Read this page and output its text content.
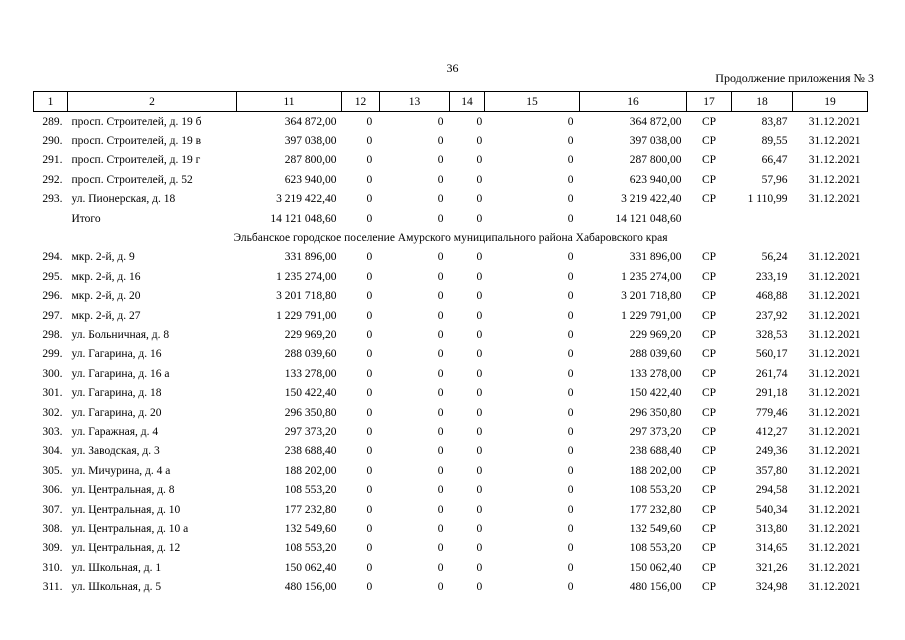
36
Продолжение приложения № 3
1	2	11	12	13	14	15	16	17	18	19
289.	просп. Строителей, д. 19 б	364 872,00	0	0	0	0	364 872,00	СР	83,87	31.12.2021
290.	просп. Строителей, д. 19 в	397 038,00	0	0	0	0	397 038,00	СР	89,55	31.12.2021
291.	просп. Строителей, д. 19 г	287 800,00	0	0	0	0	287 800,00	СР	66,47	31.12.2021
292.	просп. Строителей, д. 52	623 940,00	0	0	0	0	623 940,00	СР	57,96	31.12.2021
293.	ул. Пионерская, д. 18	3 219 422,40	0	0	0	0	3 219 422,40	СР	1 110,99	31.12.2021
	Итого	14 121 048,60	0	0	0	0	14 121 048,60			
Эльбанское городское поселение Амурского муниципального района Хабаровского края										
294.	мкр. 2-й, д. 9	331 896,00	0	0	0	0	331 896,00	СР	56,24	31.12.2021
295.	мкр. 2-й, д. 16	1 235 274,00	0	0	0	0	1 235 274,00	СР	233,19	31.12.2021
296.	мкр. 2-й, д. 20	3 201 718,80	0	0	0	0	3 201 718,80	СР	468,88	31.12.2021
297.	мкр. 2-й, д. 27	1 229 791,00	0	0	0	0	1 229 791,00	СР	237,92	31.12.2021
298.	ул. Больничная, д. 8	229 969,20	0	0	0	0	229 969,20	СР	328,53	31.12.2021
299.	ул. Гагарина, д. 16	288 039,60	0	0	0	0	288 039,60	СР	560,17	31.12.2021
300.	ул. Гагарина, д. 16 а	133 278,00	0	0	0	0	133 278,00	СР	261,74	31.12.2021
301.	ул. Гагарина, д. 18	150 422,40	0	0	0	0	150 422,40	СР	291,18	31.12.2021
302.	ул. Гагарина, д. 20	296 350,80	0	0	0	0	296 350,80	СР	779,46	31.12.2021
303.	ул. Гаражная, д. 4	297 373,20	0	0	0	0	297 373,20	СР	412,27	31.12.2021
304.	ул. Заводская, д. 3	238 688,40	0	0	0	0	238 688,40	СР	249,36	31.12.2021
305.	ул. Мичурина, д. 4 а	188 202,00	0	0	0	0	188 202,00	СР	357,80	31.12.2021
306.	ул. Центральная, д. 8	108 553,20	0	0	0	0	108 553,20	СР	294,58	31.12.2021
307.	ул. Центральная, д. 10	177 232,80	0	0	0	0	177 232,80	СР	540,34	31.12.2021
308.	ул. Центральная, д. 10 а	132 549,60	0	0	0	0	132 549,60	СР	313,80	31.12.2021
309.	ул. Центральная, д. 12	108 553,20	0	0	0	0	108 553,20	СР	314,65	31.12.2021
310.	ул. Школьная, д. 1	150 062,40	0	0	0	0	150 062,40	СР	321,26	31.12.2021
311.	ул. Школьная, д. 5	480 156,00	0	0	0	0	480 156,00	СР	324,98	31.12.2021
